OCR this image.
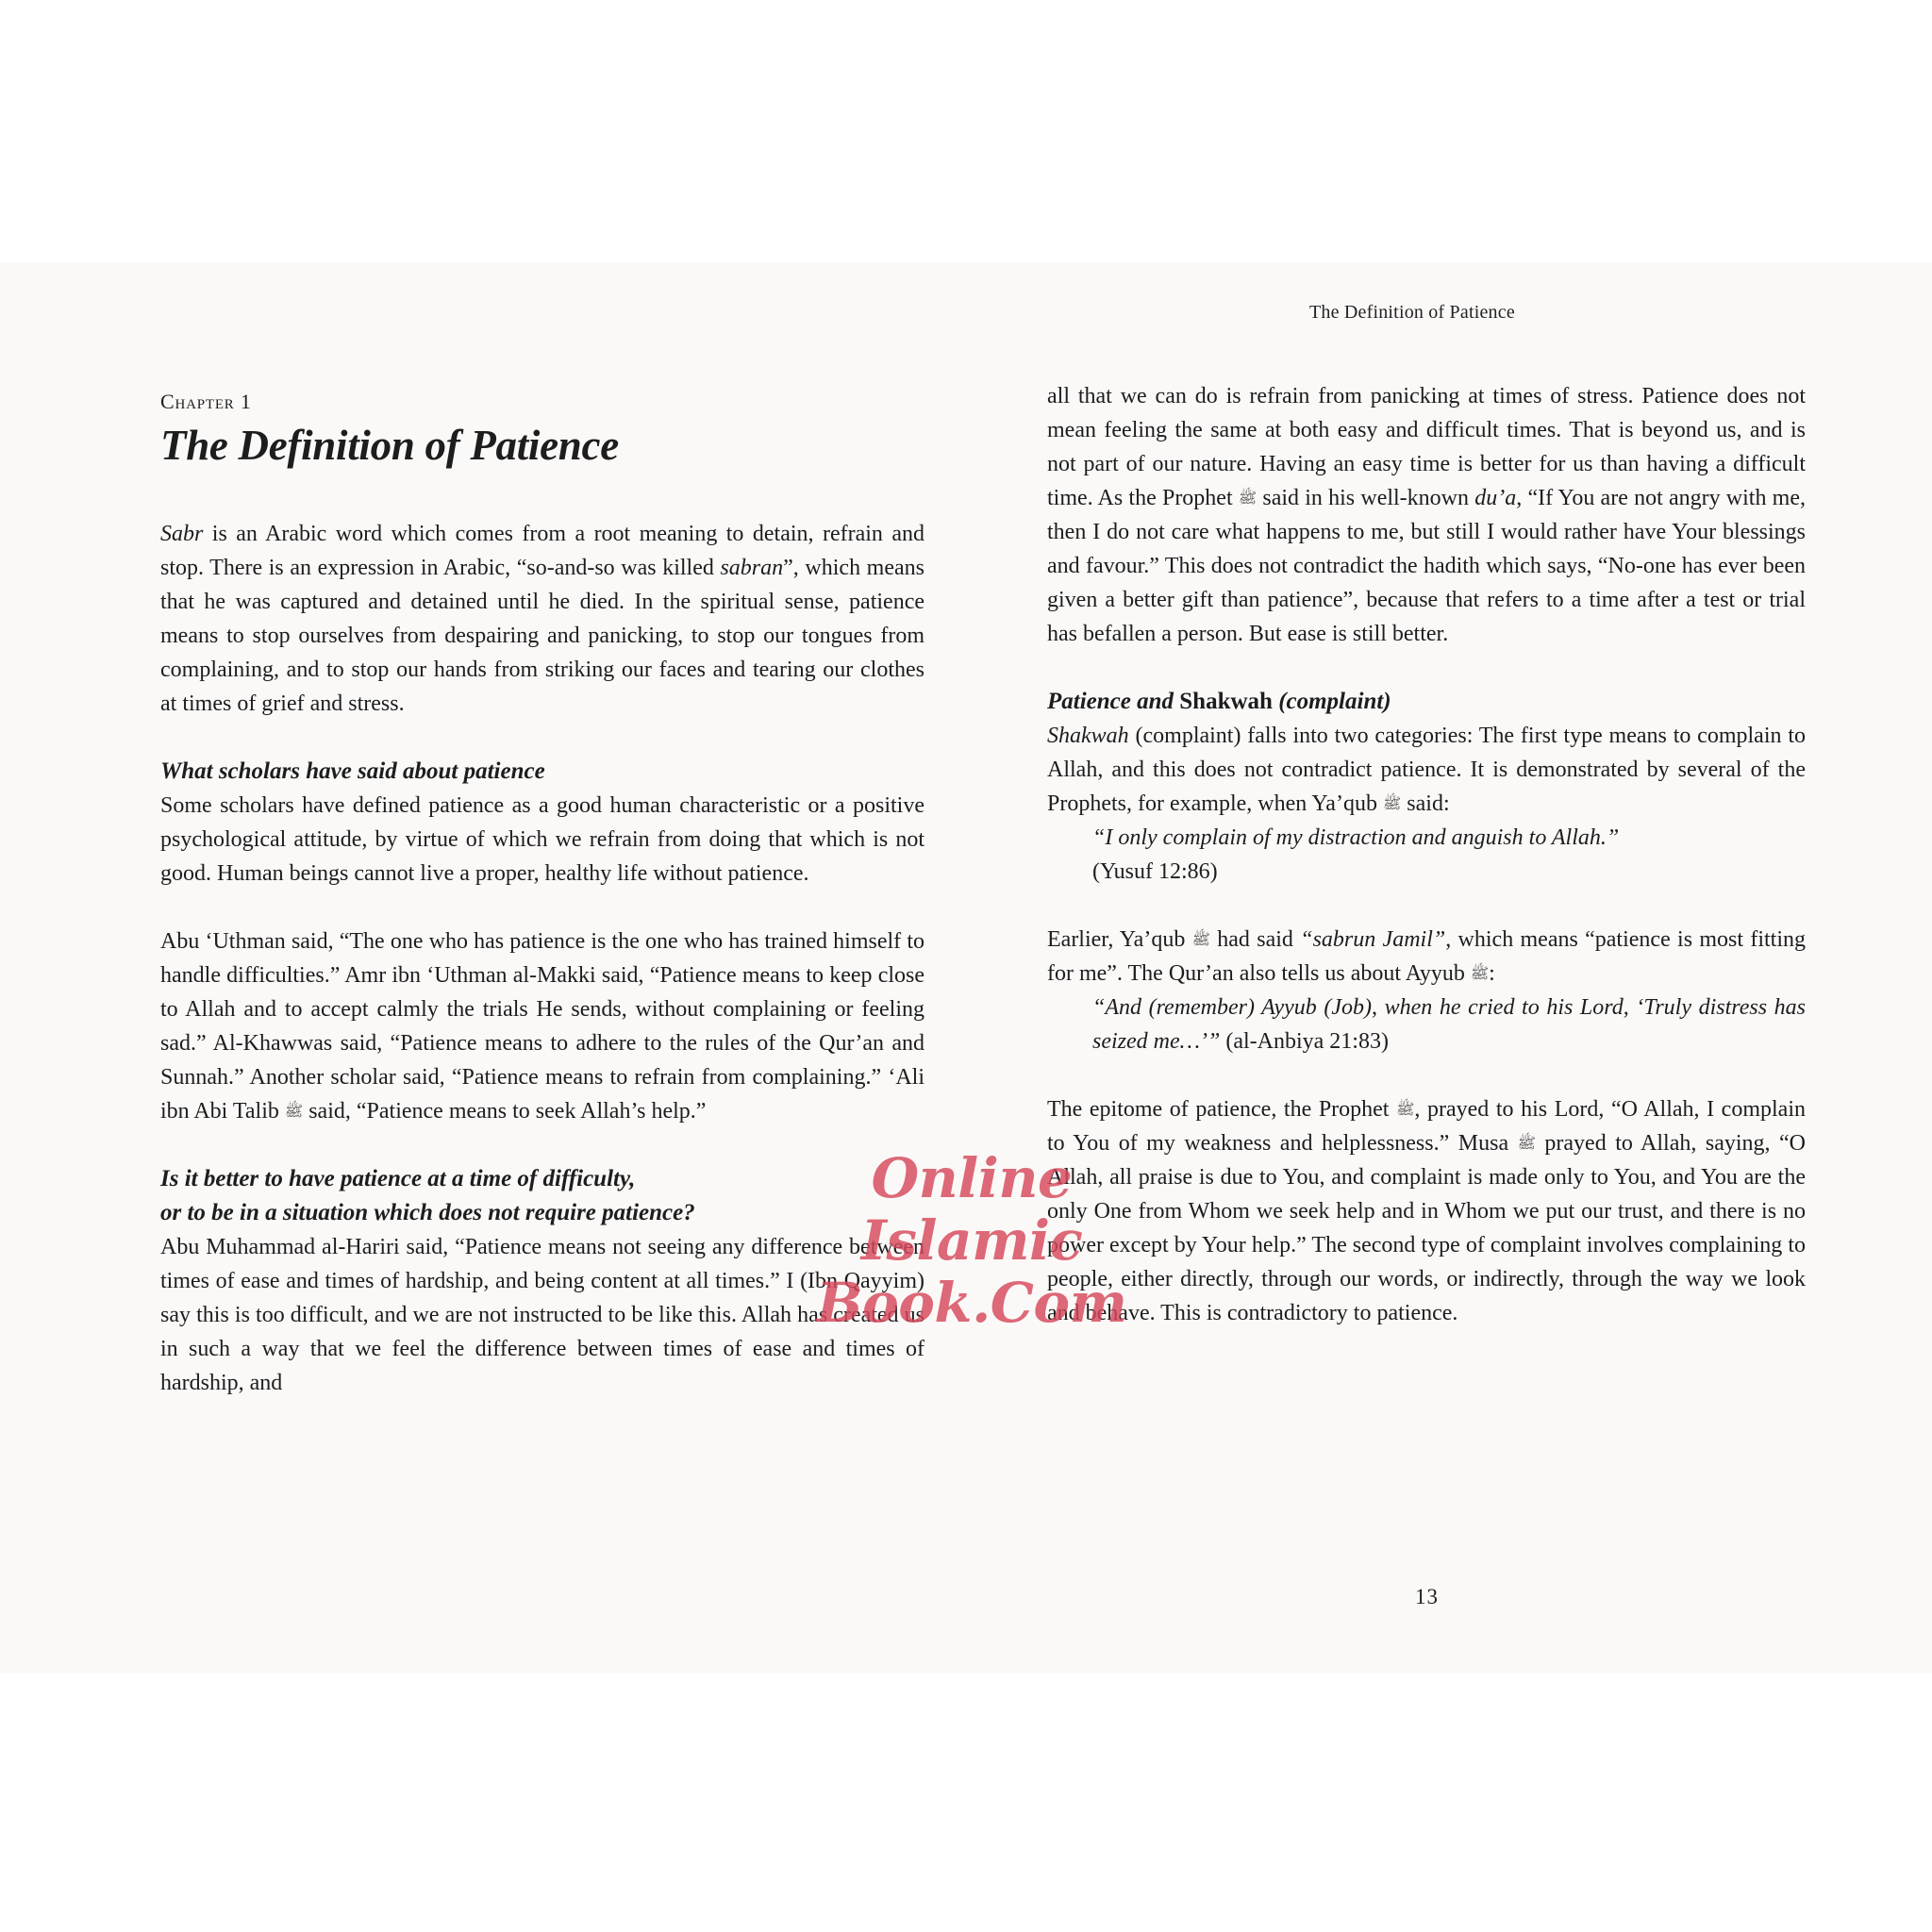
Chapter 1
The Definition of Patience

Sabr is an Arabic word which comes from a root meaning to detain, refrain and stop. There is an expression in Arabic, “so-and-so was killed sabran”, which means that he was captured and detained until he died. In the spiritual sense, patience means to stop ourselves from despairing and panicking, to stop our tongues from complaining, and to stop our hands from striking our faces and tearing our clothes at times of grief and stress.

What scholars have said about patience

Some scholars have defined patience as a good human characteristic or a positive psychological attitude, by virtue of which we refrain from doing that which is not good. Human beings cannot live a proper, healthy life without patience.

Abu ‘Uthman said, “The one who has patience is the one who has trained himself to handle difficulties.” Amr ibn ‘Uthman al-Makki said, “Patience means to keep close to Allah and to accept calmly the trials He sends, without complaining or feeling sad.” Al-Khawwas said, “Patience means to adhere to the rules of the Qur’an and Sunnah.” Another scholar said, “Patience means to refrain from complaining.” ‘Ali ibn Abi Talib ﷺ said, “Patience means to seek Allah’s help.”

Is it better to have patience at a time of difficulty,
or to be in a situation which does not require patience?

Abu Muhammad al-Hariri said, “Patience means not seeing any difference between times of ease and times of hardship, and being content at all times.” I (Ibn Qayyim) say this is too difficult, and we are not instructed to be like this. Allah has created us in such a way that we feel the difference between times of ease and times of hardship, and

The Definition of Patience

all that we can do is refrain from panicking at times of stress. Patience does not mean feeling the same at both easy and difficult times. That is beyond us, and is not part of our nature. Having an easy time is better for us than having a difficult time. As the Prophet ﷺ said in his well-known du’a, “If You are not angry with me, then I do not care what happens to me, but still I would rather have Your blessings and favour.” This does not contradict the hadith which says, “No-one has ever been given a better gift than patience”, because that refers to a time after a test or trial has befallen a person. But ease is still better.

Patience and Shakwah (complaint)

Shakwah (complaint) falls into two categories: The first type means to complain to Allah, and this does not contradict patience. It is demonstrated by several of the Prophets, for example, when Ya’qub ﷺ said:

“I only complain of my distraction and anguish to Allah.”
(Yusuf 12:86)

Earlier, Ya’qub ﷺ had said “sabrun Jamil”, which means “patience is most fitting for me”. The Qur’an also tells us about Ayyub ﷺ:

“And (remember) Ayyub (Job), when he cried to his Lord, ‘Truly distress has seized me…’” (al-Anbiya 21:83)

The epitome of patience, the Prophet ﷺ, prayed to his Lord, “O Allah, I complain to You of my weakness and helplessness.” Musa ﷺ prayed to Allah, saying, “O Allah, all praise is due to You, and complaint is made only to You, and You are the only One from Whom we seek help and in Whom we put our trust, and there is no power except by Your help.” The second type of complaint involves complaining to people, either directly, through our words, or indirectly, through the way we look and behave. This is contradictory to patience.

13
Online Islamic
Book.Com
